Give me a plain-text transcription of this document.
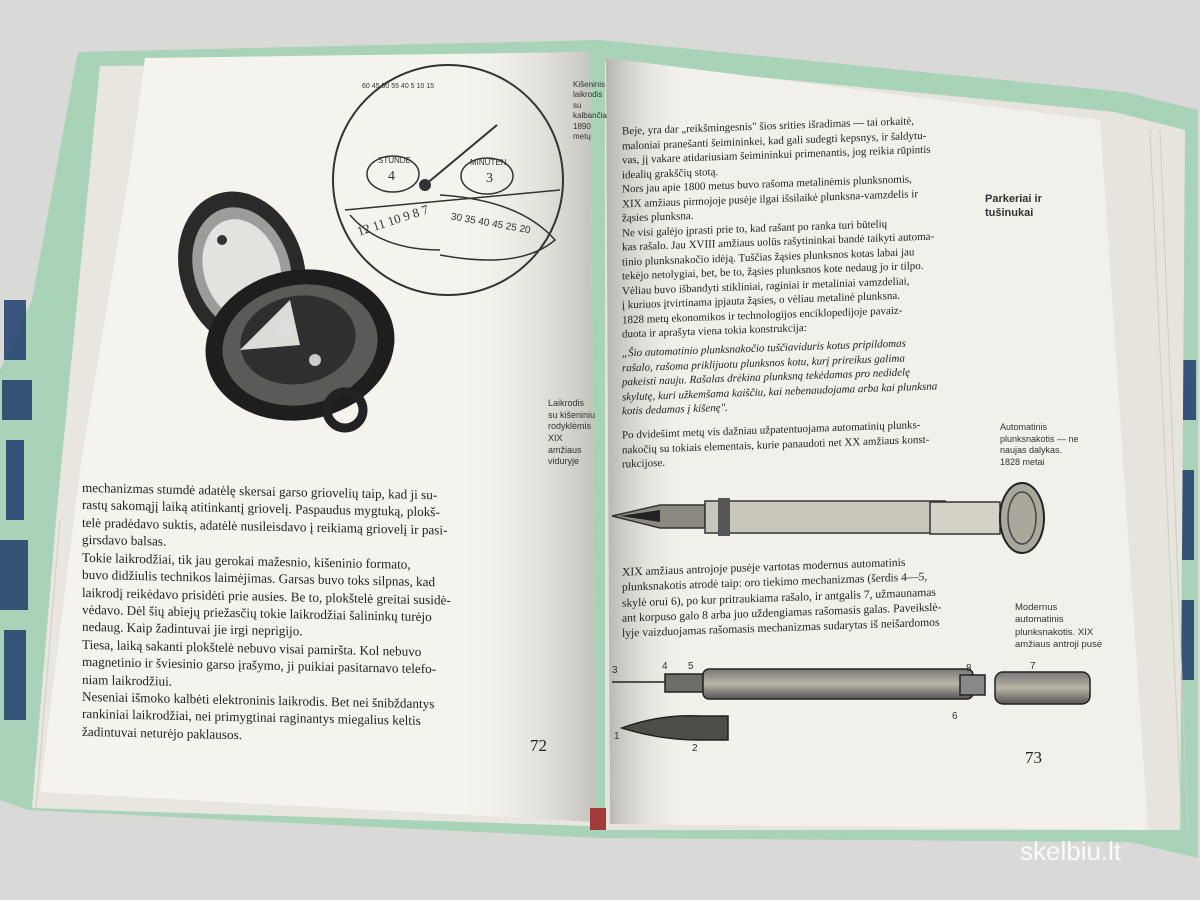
mechanizmas stumdė adatėlę skersai garso griovelių taip, kad ji su-
rastų sakomąjį laiką atitinkantį griovelį. Paspaudus mygtuką, plokš-
telė pradėdavo suktis, adatėlė nusileisdavo į reikiamą griovelį ir pasi-
girsdavo balsas.
Tokie laikrodžiai, tik jau gerokai mažesnio, kišeninio formato,
buvo didžiulis technikos laimėjimas. Garsas buvo toks silpnas, kad
laikrodį reikėdavo prisidėti prie ausies. Be to, plokštelė greitai susidė-
vėdavo. Dėl šių abiejų priežasčių tokie laikrodžiai šalininkų turėjo
nedaug. Kaip žadintuvai jie irgi neprigijo.
Tiesa, laiką sakanti plokštelė nebuvo visai pamiršta. Kol nebuvo
magnetinio ir šviesinio garso įrašymo, ji puikiai pasitarnavo telefo-
niam laikrodžiui.
Neseniai išmoko kalbėti elektroninis laikrodis. Bet nei šnibždantys
rankiniai laikrodžiai, nei primygtinai raginantys miegalius keltis
žadintuvai neturėjo paklausos.
72
STUNDE	MINUTEN
4	3
60 45 50 55 40 5 10 15
12 11 10 9 8 7	30 35 40 45 25 20
Kišeninis laikrodis
su kalbančia
1890 metų
Laikrodis
su kišeniniu
rodyklėmis XIX
amžiaus viduryje
Beje, yra dar „reikšmingesnis" šios srities išradimas — tai orkaitė,
maloniai pranešanti šeimininkei, kad gali sudegti kepsnys, ir šaldytu-
vas, jį vakare atidariusiam šeimininkui primenantis, jog reikia rūpintis
idealių grakščių stotą.
Nors jau apie 1800 metus buvo rašoma metalinėmis plunksnomis,
XIX amžiaus pirmojoje pusėje ilgai išsilaikė plunksna-vamzdelis ir
žąsies plunksna.
Ne visi galėjo įprasti prie to, kad rašant po ranka turi būtelių
kas rašalo. Jau XVIII amžiaus uolūs rašytininkai bandė taikyti automa-
tinio plunksnakočio idėją. Tuščias žąsies plunksnos kotas labai jau
tekėjo netolygiai, bet, be to, žąsies plunksnos kote nedaug jo ir tilpo.
Vėliau buvo išbandyti stikliniai, raginiai ir metaliniai vamzdeliai,
į kuriuos įtvirtinama įpjauta žąsies, o vėliau metalinė plunksna.
1828 metų ekonomikos ir technologijos enciklopedijoje pavaiz-
duota ir aprašyta viena tokia konstrukcija:
„Šio automatinio plunksnakočio tuščiaviduris kotus pripildomas
rašalo, rašoma priklijuotu plunksnos kotu, kurį prireikus galima
pakeisti nauju. Rašalas drėkina plunksną tekėdamas pro nedidelę
skylutę, kuri užkemšama kaiščiu, kai nebenaudojama arba kai plunksna
kotis dedamas į kišenę".
Po dvidešimt metų vis dažniau užpatentuojama automatinių plunks-
nakočių su tokiais elementais, kurie panaudoti net XX amžiaus konst-
rukcijose.
XIX amžiaus antrojoje pusėje vartotas modernus automatinis
plunksnakotis atrodė taip: oro tiekimo mechanizmas (šerdis 4—5,
skylė orui 6), po kur pritraukiama rašalo, ir antgalis 7, užmaunamas
ant korpuso galo 8 arba juo uždengiamas rašomasis galas. Paveikslė-
lyje vaizduojamas rašomasis mechanizmas sudarytas iš neišardomos
73
Parkeriai ir
tušinukai
Automatinis
plunksnakotis — ne
naujas dalykas.
1828 metai
Modernus
automatinis
plunksnakotis. XIX
amžiaus antroji pusė
3	4 5	8	7
6
1
2
skelbiu.lt
